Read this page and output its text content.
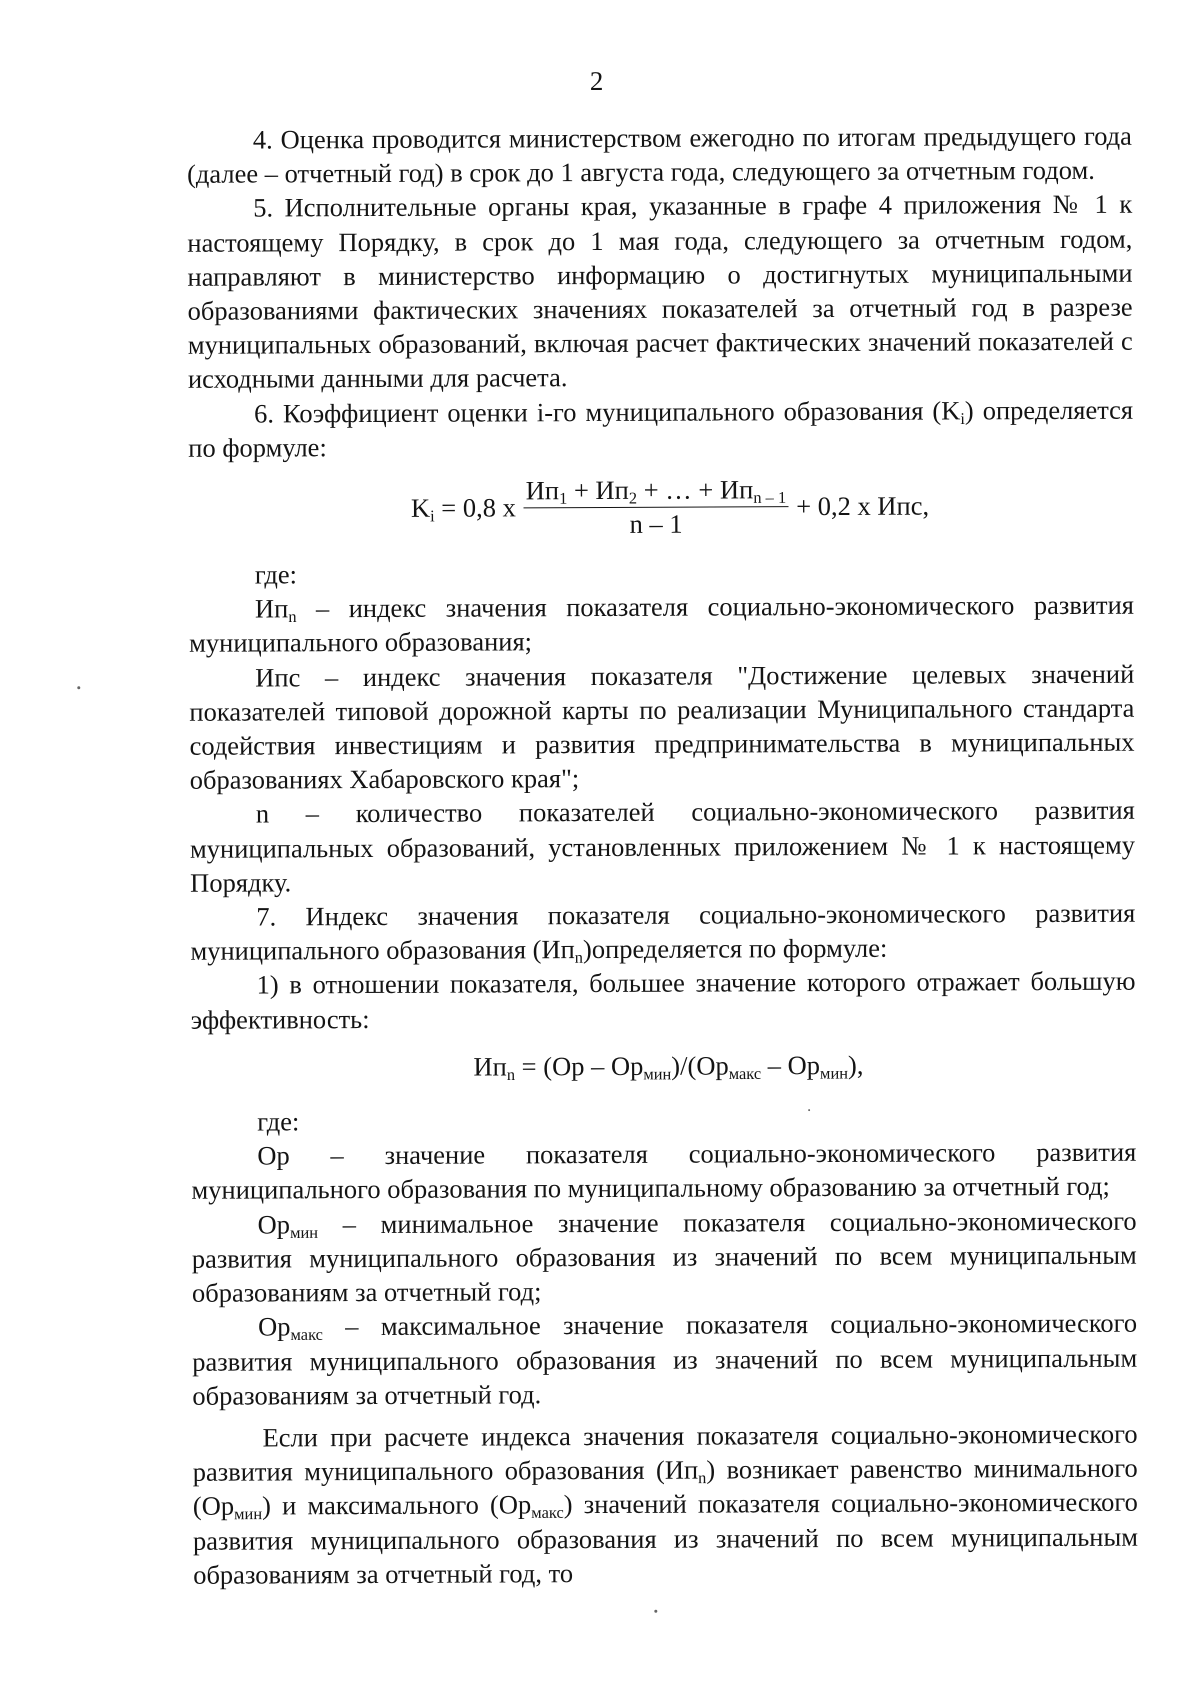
2

4. Оценка проводится министерством ежегодно по итогам предыдущего года (далее – отчетный год) в срок до 1 августа года, следующего за отчетным годом.

5. Исполнительные органы края, указанные в графе 4 приложения № 1 к настоящему Порядку, в срок до 1 мая года, следующего за отчетным годом, направляют в министерство информацию о достигнутых муниципальными образованиями фактических значениях показателей за отчетный год в разрезе муниципальных образований, включая расчет фактических значений показателей с исходными данными для расчета.

6. Коэффициент оценки i-го муниципального образования $(K_i)$ определяется по формуле:

$K_i = 0,8$ x $\frac{Ип_1 + Ип_2 + \dots + Ип_{n - 1}}{n - 1} + 0,2$ x Ипс,

где:

$Ип_n$ – индекс значения показателя социально-экономического развития муниципального образования;

Ипс – индекс значения показателя "Достижение целевых значений показателей типовой дорожной карты по реализации Муниципального стандарта содействия инвестициям и развития предпринимательства в муниципальных образованиях Хабаровского края";

n – количество показателей социально-экономического развития муниципальных образований, установленных приложением № 1 к настоящему Порядку.

7. Индекс значения показателя социально-экономического развития муниципального образования $(Ип_n)определяется$ по формуле:

1) в отношении показателя, большее значение которого отражает большую эффективность:

$Ип_n = (Ор - Ор_{мин})/(Ор_{макс} - Ор_{мин})$,

где:

Ор – значение показателя социально-экономического развития муниципального образования по муниципальному образованию за отчетный год;

$Ор_{мин}$ – минимальное значение показателя социально-экономического развития муниципального образования из значений по всем муниципальным образованиям за отчетный год;

$Ор_{макс}$ – максимальное значение показателя социально-экономического развития муниципального образования из значений по всем муниципальным образованиям за отчетный год.

Если при расчете индекса значения показателя социально-экономического развития муниципального образования $(Ип_n)$ возникает равенство минимального $(Ор_{мин})$ и максимального $(Ор_{макс})$ значений показателя социально-экономического развития муниципального образования из значений по всем муниципальным образованиям за отчетный год, то
